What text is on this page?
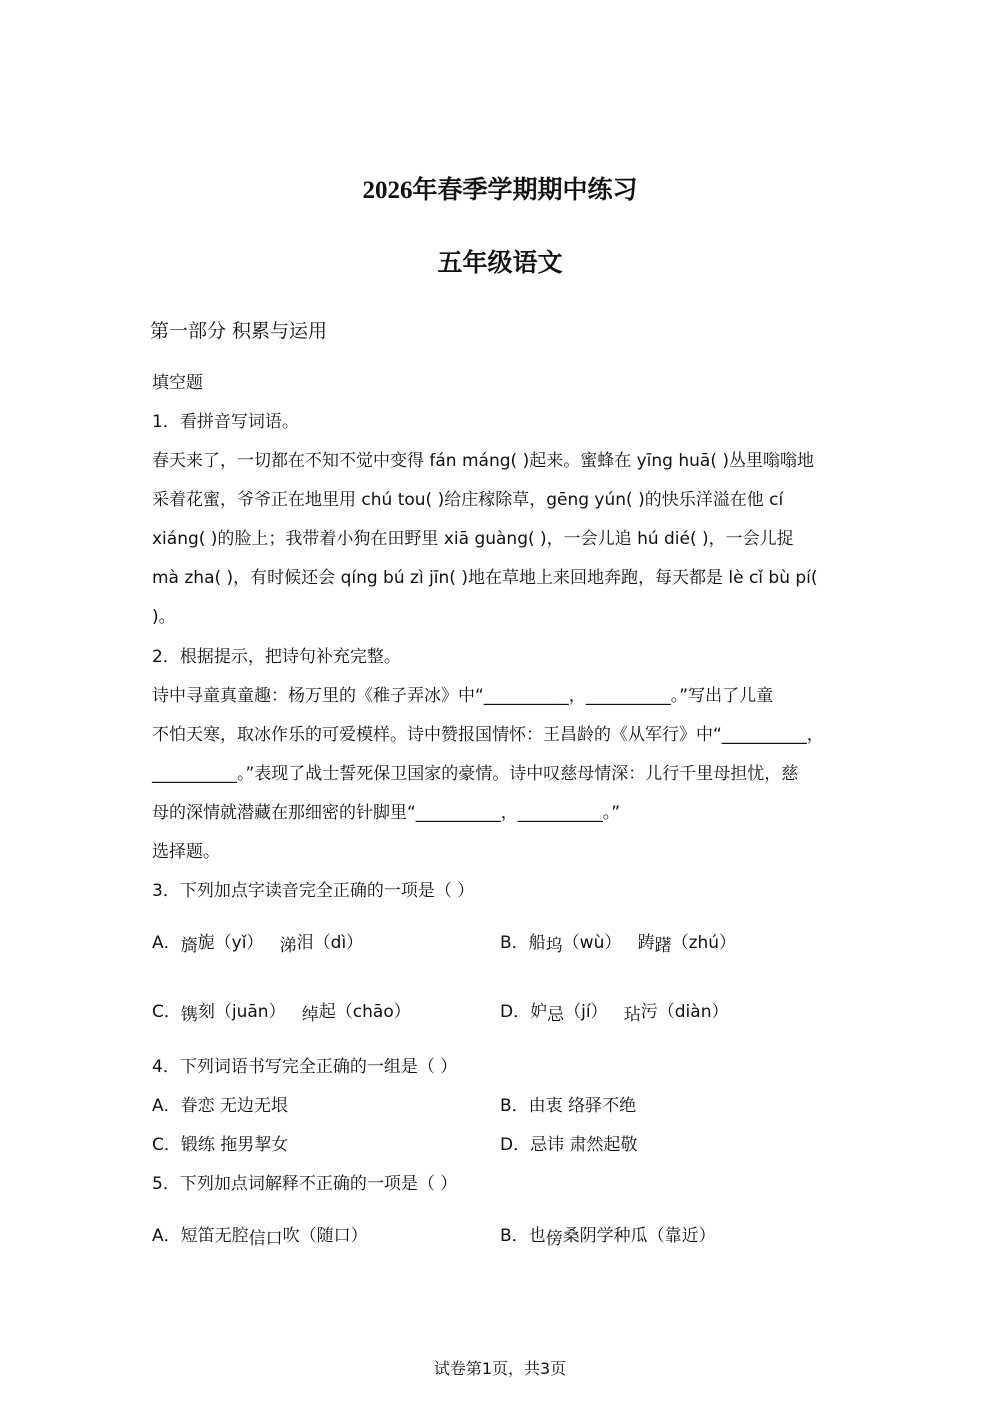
2026年春季学期期中练习
五年级语文
第一部分 积累与运用
填空题
1．看拼音写词语。
春天来了，一切都在不知不觉中变得 fán máng( )起来。蜜蜂在 yīng huā( )丛里嗡嗡地
采着花蜜，爷爷正在地里用 chú tou( )给庄稼除草，gēng yún( )的快乐洋溢在他 cí
xiáng( )的脸上；我带着小狗在田野里 xiā guàng( )，一会儿追 hú dié( )，一会儿捉
mà zha( )，有时候还会 qíng bú zì jīn( )地在草地上来回地奔跑，每天都是 lè cǐ bù pí(
)。
2．根据提示，把诗句补充完整。
诗中寻童真童趣：杨万里的《稚子弄冰》中“__________，__________。”写出了儿童
不怕天寒，取冰作乐的可爱模样。诗中赞报国情怀：王昌龄的《从军行》中“__________，
__________。”表现了战士誓死保卫国家的豪情。诗中叹慈母情深：儿行千里母担忧，慈
母的深情就潜藏在那细密的针脚里“__________，__________。”
选择题。
3．下列加点字读音完全正确的一项是（ ）
A．旖旎（yǐ） 涕泪（dì）	B．船坞（wù） 踌躇（zhú）
C．镌刻（juān） 绰起（chāo）	D．妒忌（jí） 玷污（diàn）
4．下列词语书写完全正确的一组是（ ）
A．眷恋 无边无垠	B．由衷 络驿不绝
C．锻练 拖男挈女	D．忌讳 肃然起敬
5．下列加点词解释不正确的一项是（ ）
A．短笛无腔信口吹（随口）	B．也傍桑阴学种瓜（靠近）
试卷第1页，共3页
